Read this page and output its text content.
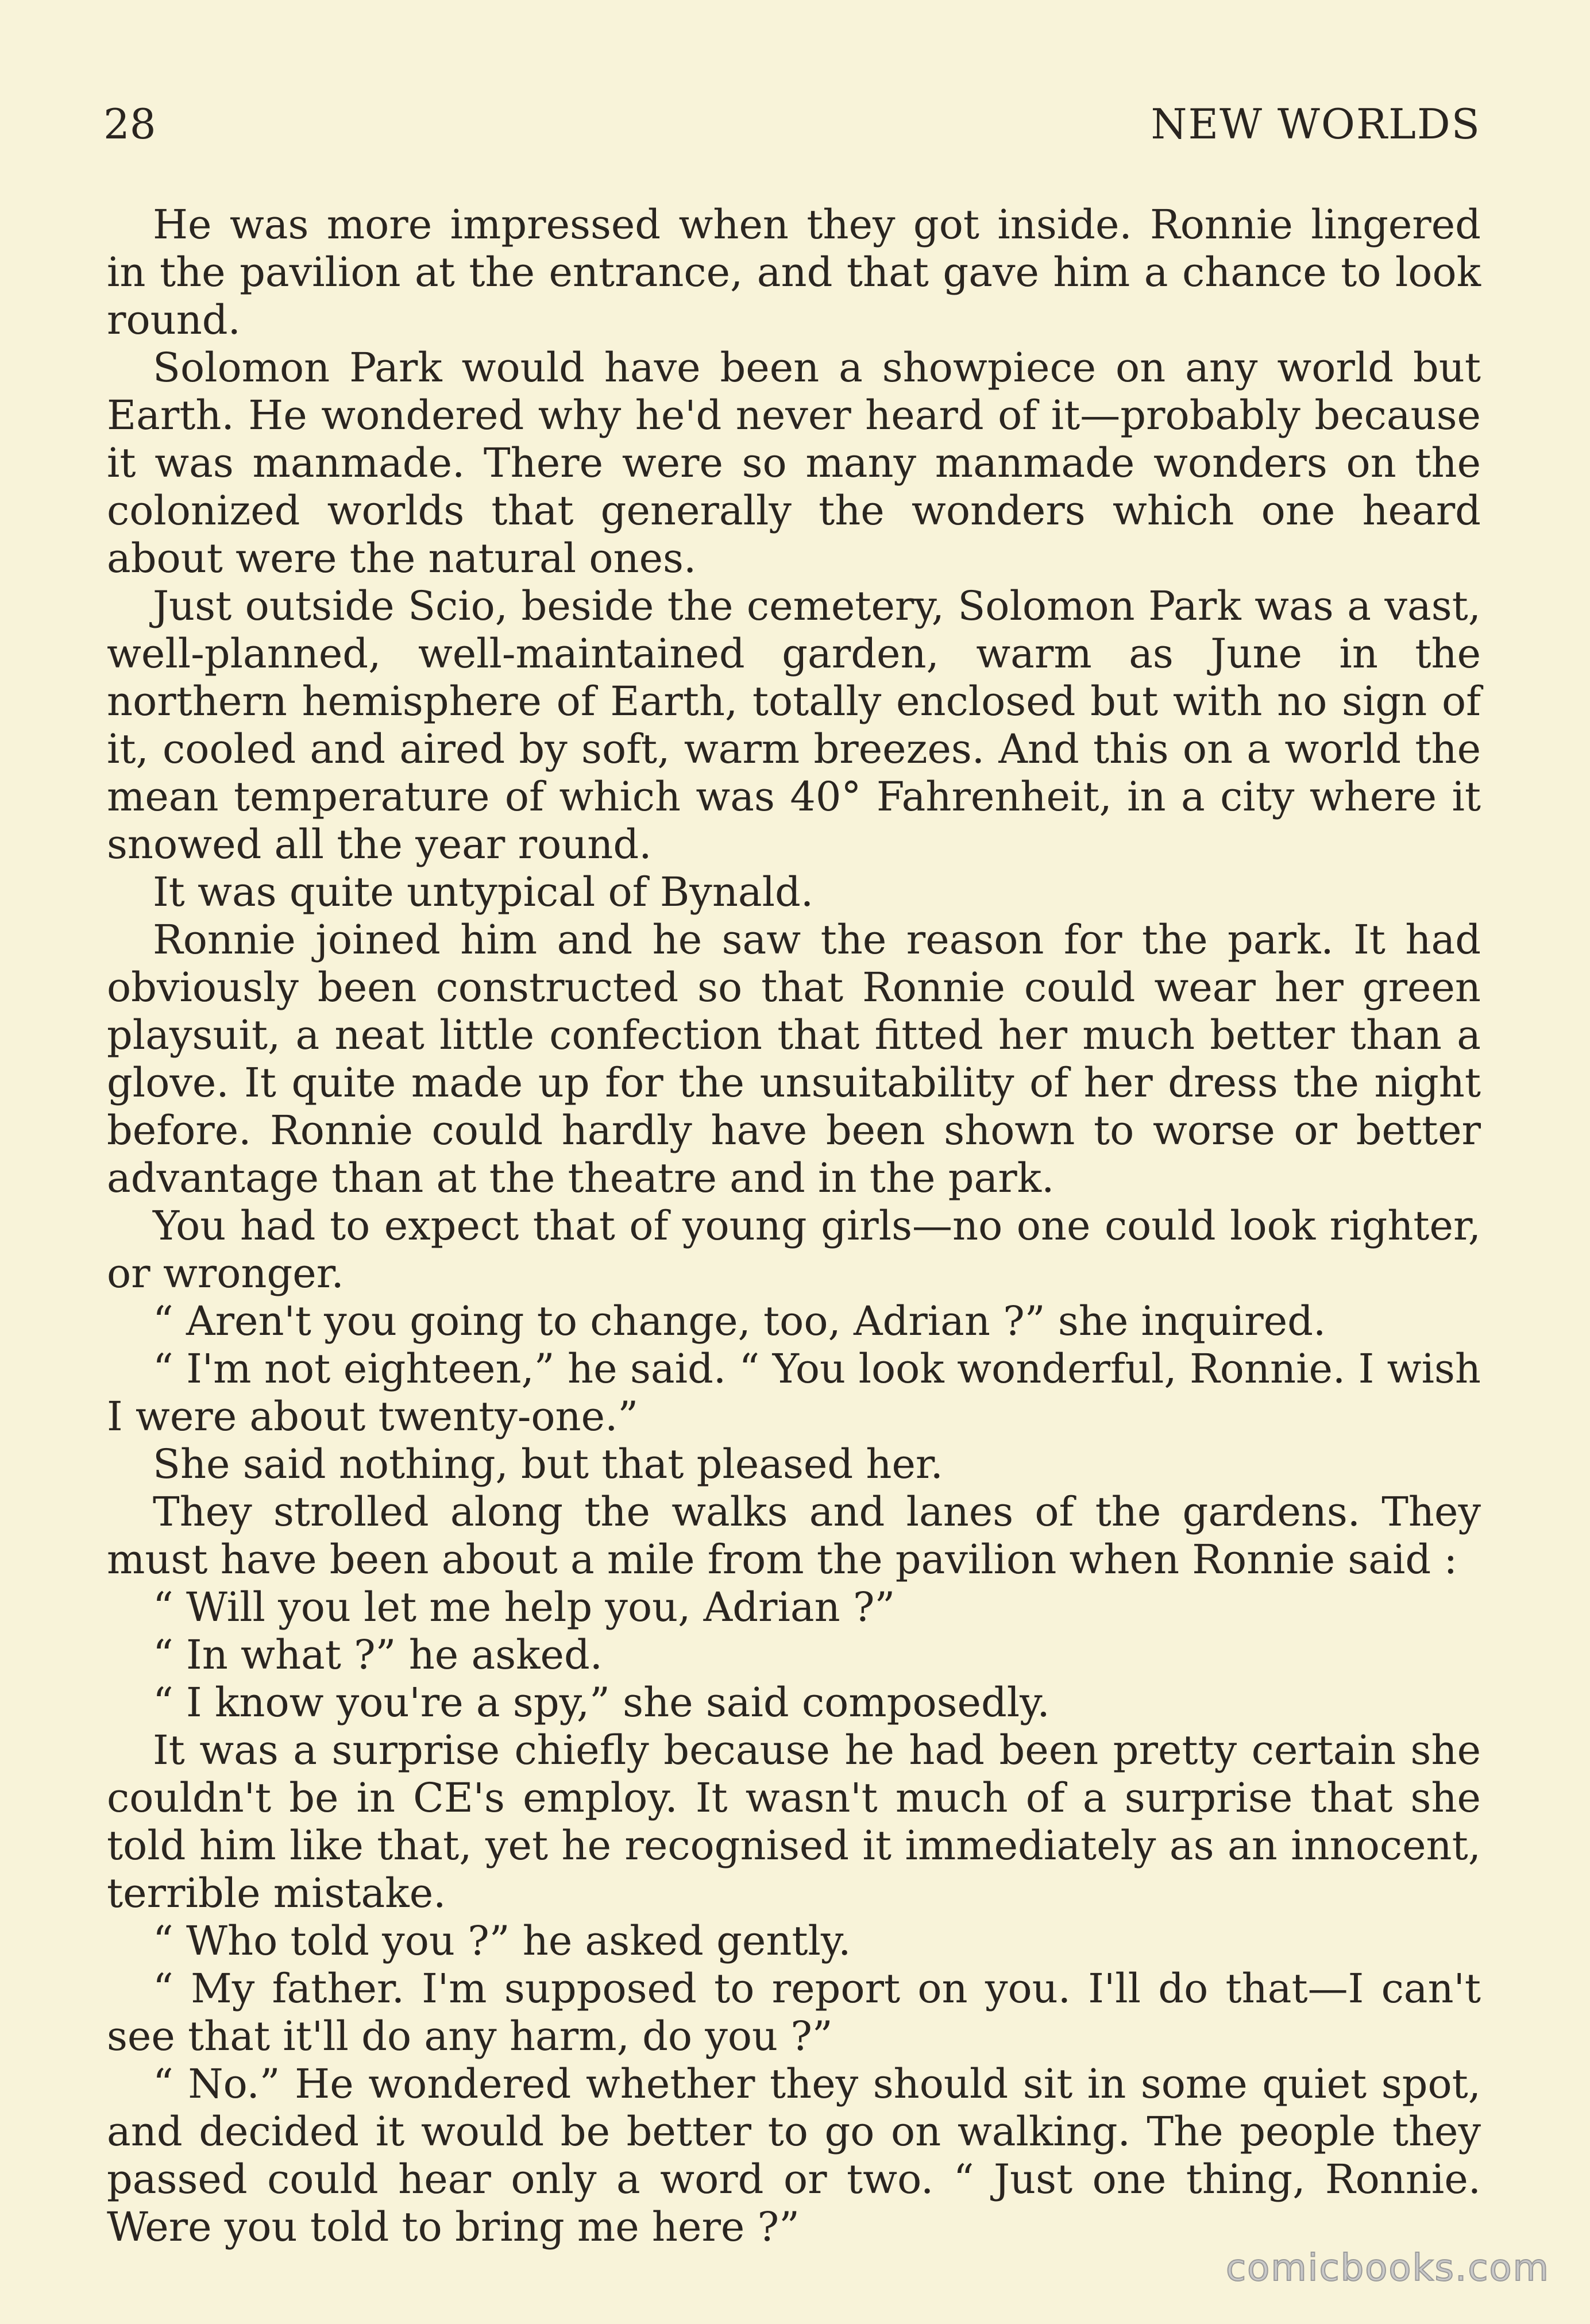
28	NEW WORLDS

He was more impressed when they got inside. Ronnie lingered in the pavilion at the entrance, and that gave him a chance to look round.

Solomon Park would have been a showpiece on any world but Earth. He wondered why he'd never heard of it—probably because it was manmade. There were so many manmade wonders on the colonized worlds that generally the wonders which one heard about were the natural ones.

Just outside Scio, beside the cemetery, Solomon Park was a vast, well-planned, well-maintained garden, warm as June in the northern hemisphere of Earth, totally enclosed but with no sign of it, cooled and aired by soft, warm breezes. And this on a world the mean temperature of which was 40° Fahrenheit, in a city where it snowed all the year round.

It was quite untypical of Bynald.

Ronnie joined him and he saw the reason for the park. It had obviously been constructed so that Ronnie could wear her green playsuit, a neat little confection that fitted her much better than a glove. It quite made up for the unsuitability of her dress the night before. Ronnie could hardly have been shown to worse or better advantage than at the theatre and in the park.

You had to expect that of young girls—no one could look righter, or wronger.

“ Aren't you going to change, too, Adrian ?” she inquired.

“ I'm not eighteen,” he said. “ You look wonderful, Ronnie. I wish I were about twenty-one.”

She said nothing, but that pleased her.

They strolled along the walks and lanes of the gardens. They must have been about a mile from the pavilion when Ronnie said :

“ Will you let me help you, Adrian ?”

“ In what ?” he asked.

“ I know you're a spy,” she said composedly.

It was a surprise chiefly because he had been pretty certain she couldn't be in CE's employ. It wasn't much of a surprise that she told him like that, yet he recognised it immediately as an innocent, terrible mistake.

“ Who told you ?” he asked gently.

“ My father. I'm supposed to report on you. I'll do that—I can't see that it'll do any harm, do you ?”

“ No.” He wondered whether they should sit in some quiet spot, and decided it would be better to go on walking. The people they passed could hear only a word or two. “ Just one thing, Ronnie. Were you told to bring me here ?”

comicbooks.com
